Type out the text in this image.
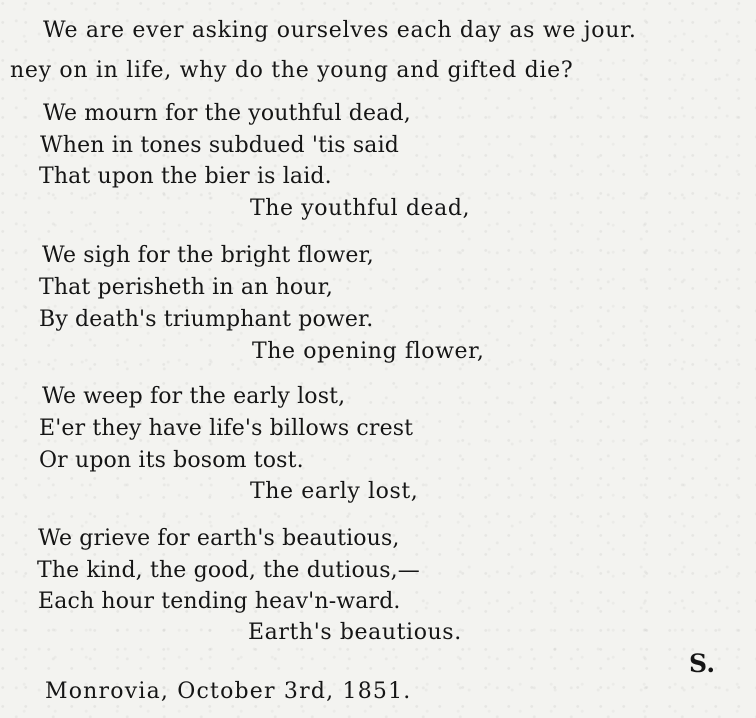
We are ever asking ourselves each day as we jour.
ney on in life, why do the young and gifted die?
We mourn for the youthful dead,
When in tones subdued 'tis said
That upon the bier is laid.
The youthful dead,
We sigh for the bright flower,
That perisheth in an hour,
By death's triumphant power.
The opening flower,
We weep for the early lost,
E'er they have life's billows crest
Or upon its bosom tost.
The early lost,
We grieve for earth's beautious,
The kind, the good, the dutious,—
Each hour tending heav'n-ward.
Earth's beautious.
S.
Monrovia, October 3rd, 1851.
